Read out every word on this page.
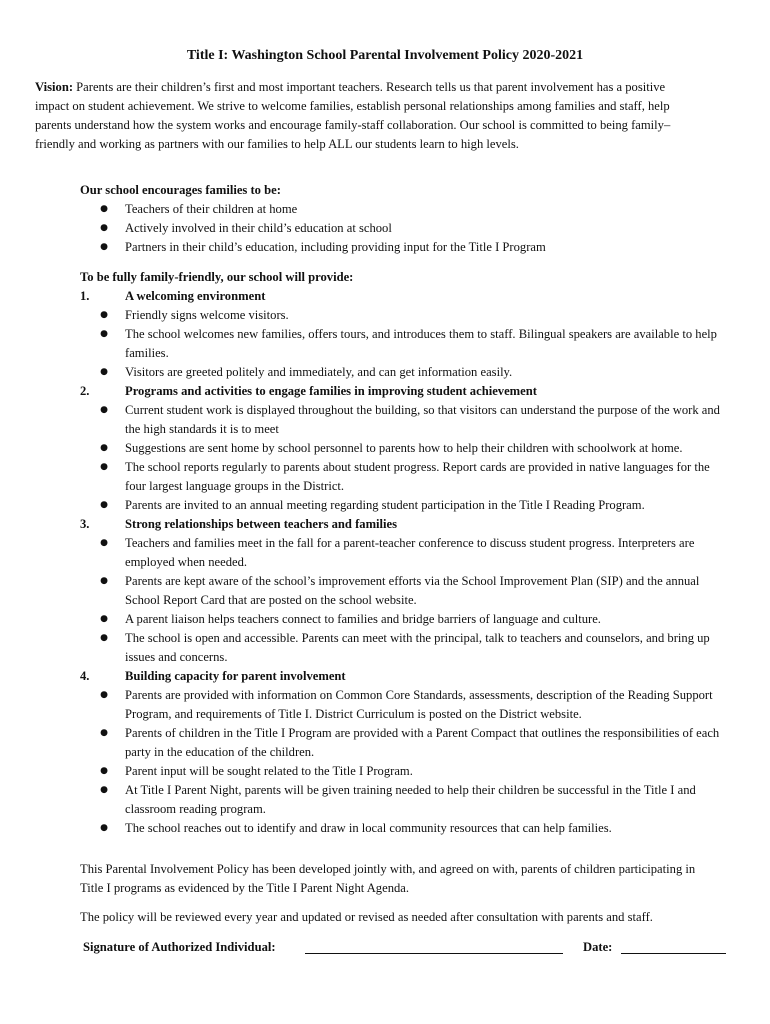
Title I: Washington School Parental Involvement Policy 2020-2021
Vision: Parents are their children’s first and most important teachers. Research tells us that parent involvement has a positive impact on student achievement. We strive to welcome families, establish personal relationships among families and staff, help parents understand how the system works and encourage family-staff collaboration. Our school is committed to being family–friendly and working as partners with our families to help ALL our students learn to high levels.
Our school encourages families to be:
● Teachers of their children at home
● Actively involved in their child’s education at school
● Partners in their child’s education, including providing input for the Title I Program
To be fully family-friendly, our school will provide:
1.	A welcoming environment
● Friendly signs welcome visitors.
● The school welcomes new families, offers tours, and introduces them to staff. Bilingual speakers are available to help families.
● Visitors are greeted politely and immediately, and can get information easily.
2.	Programs and activities to engage families in improving student achievement
● Current student work is displayed throughout the building, so that visitors can understand the purpose of the work and the high standards it is to meet
● Suggestions are sent home by school personnel to parents how to help their children with schoolwork at home.
● The school reports regularly to parents about student progress. Report cards are provided in native languages for the four largest language groups in the District.
● Parents are invited to an annual meeting regarding student participation in the Title I Reading Program.
3.	Strong relationships between teachers and families
● Teachers and families meet in the fall for a parent-teacher conference to discuss student progress. Interpreters are employed when needed.
● Parents are kept aware of the school’s improvement efforts via the School Improvement Plan (SIP) and the annual School Report Card that are posted on the school website.
● A parent liaison helps teachers connect to families and bridge barriers of language and culture.
● The school is open and accessible. Parents can meet with the principal, talk to teachers and counselors, and bring up issues and concerns.
4.	Building capacity for parent involvement
● Parents are provided with information on Common Core Standards, assessments, description of the Reading Support Program, and requirements of Title I. District Curriculum is posted on the District website.
● Parents of children in the Title I Program are provided with a Parent Compact that outlines the responsibilities of each party in the education of the children.
● Parent input will be sought related to the Title I Program.
● At Title I Parent Night, parents will be given training needed to help their children be successful in the Title I and classroom reading program.
● The school reaches out to identify and draw in local community resources that can help families.
This Parental Involvement Policy has been developed jointly with, and agreed on with, parents of children participating in Title I programs as evidenced by the Title I Parent Night Agenda.
The policy will be reviewed every year and updated or revised as needed after consultation with parents and staff.
Signature of Authorized Individual:	Date:
